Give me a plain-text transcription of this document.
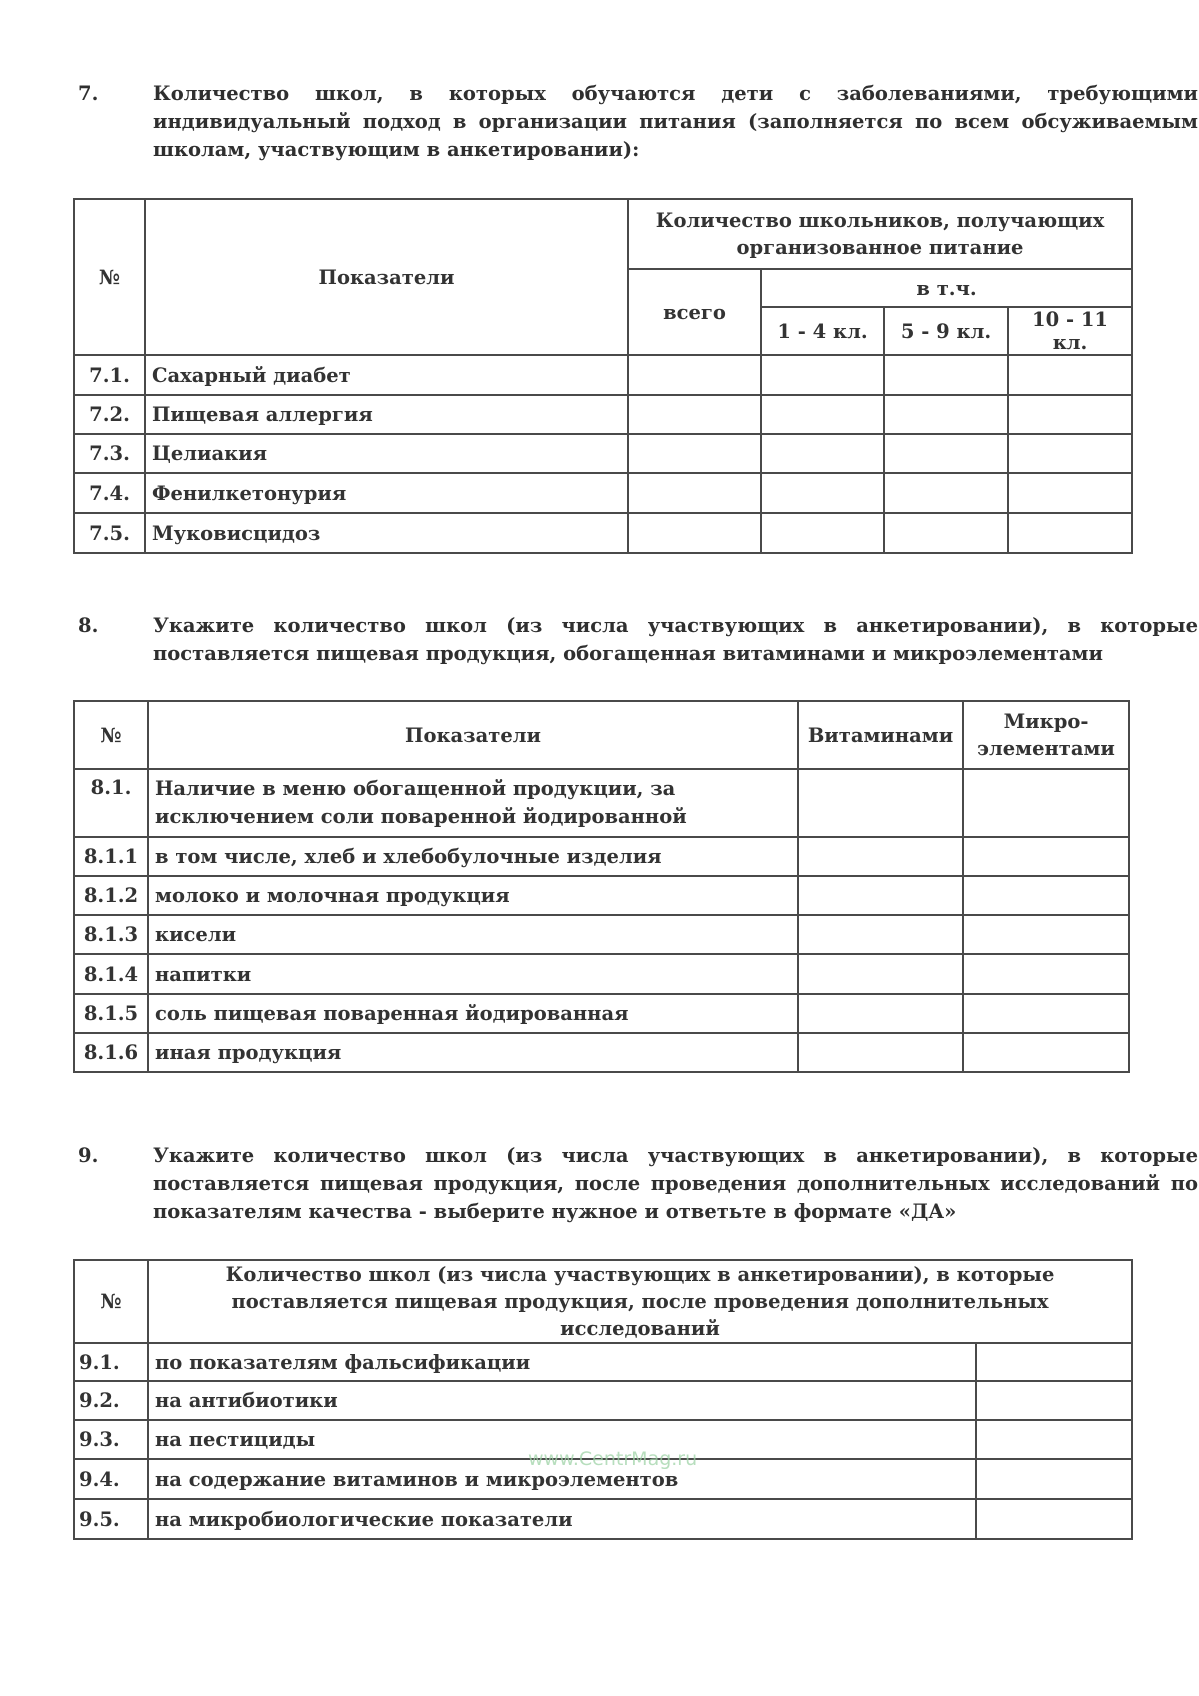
7.	Количество школ, в которых обучаются дети с заболеваниями, требующими индивидуальный подход в организации питания (заполняется по всем обсуживаемым школам, участвующим в анкетировании):
№	Показатели	Количество школьников, получающих организованное питание			
		всего	в т.ч.		
			1 - 4 кл.	5 - 9 кл.	10 - 11 кл.
7.1.	Сахарный диабет				
7.2.	Пищевая аллергия				
7.3.	Целиакия				
7.4.	Фенилкетонурия				
7.5.	Муковисцидоз				
8.	Укажите количество школ (из числа участвующих в анкетировании), в которые поставляется пищевая продукция, обогащенная витаминами и микроэлементами
№	Показатели	Витаминами	Микро-элементами
8.1.	Наличие в меню обогащенной продукции, за исключением соли поваренной йодированной		
8.1.1	в том числе, хлеб и хлебобулочные изделия		
8.1.2	молоко и молочная продукция		
8.1.3	кисели		
8.1.4	напитки		
8.1.5	соль пищевая поваренная йодированная		
8.1.6	иная продукция		
9.	Укажите количество школ (из числа участвующих в анкетировании), в которые поставляется пищевая продукция, после проведения дополнительных исследований по показателям качества - выберите нужное и ответьте в формате «ДА»
№	Количество школ (из числа участвующих в анкетировании), в которые поставляется пищевая продукция, после проведения дополнительных исследований	
9.1.	по показателям фальсификации	
9.2.	на антибиотики	
9.3.	на пестициды	
9.4.	на содержание витаминов и микроэлементов	
9.5.	на микробиологические показатели	
www.CentrMag.ru
